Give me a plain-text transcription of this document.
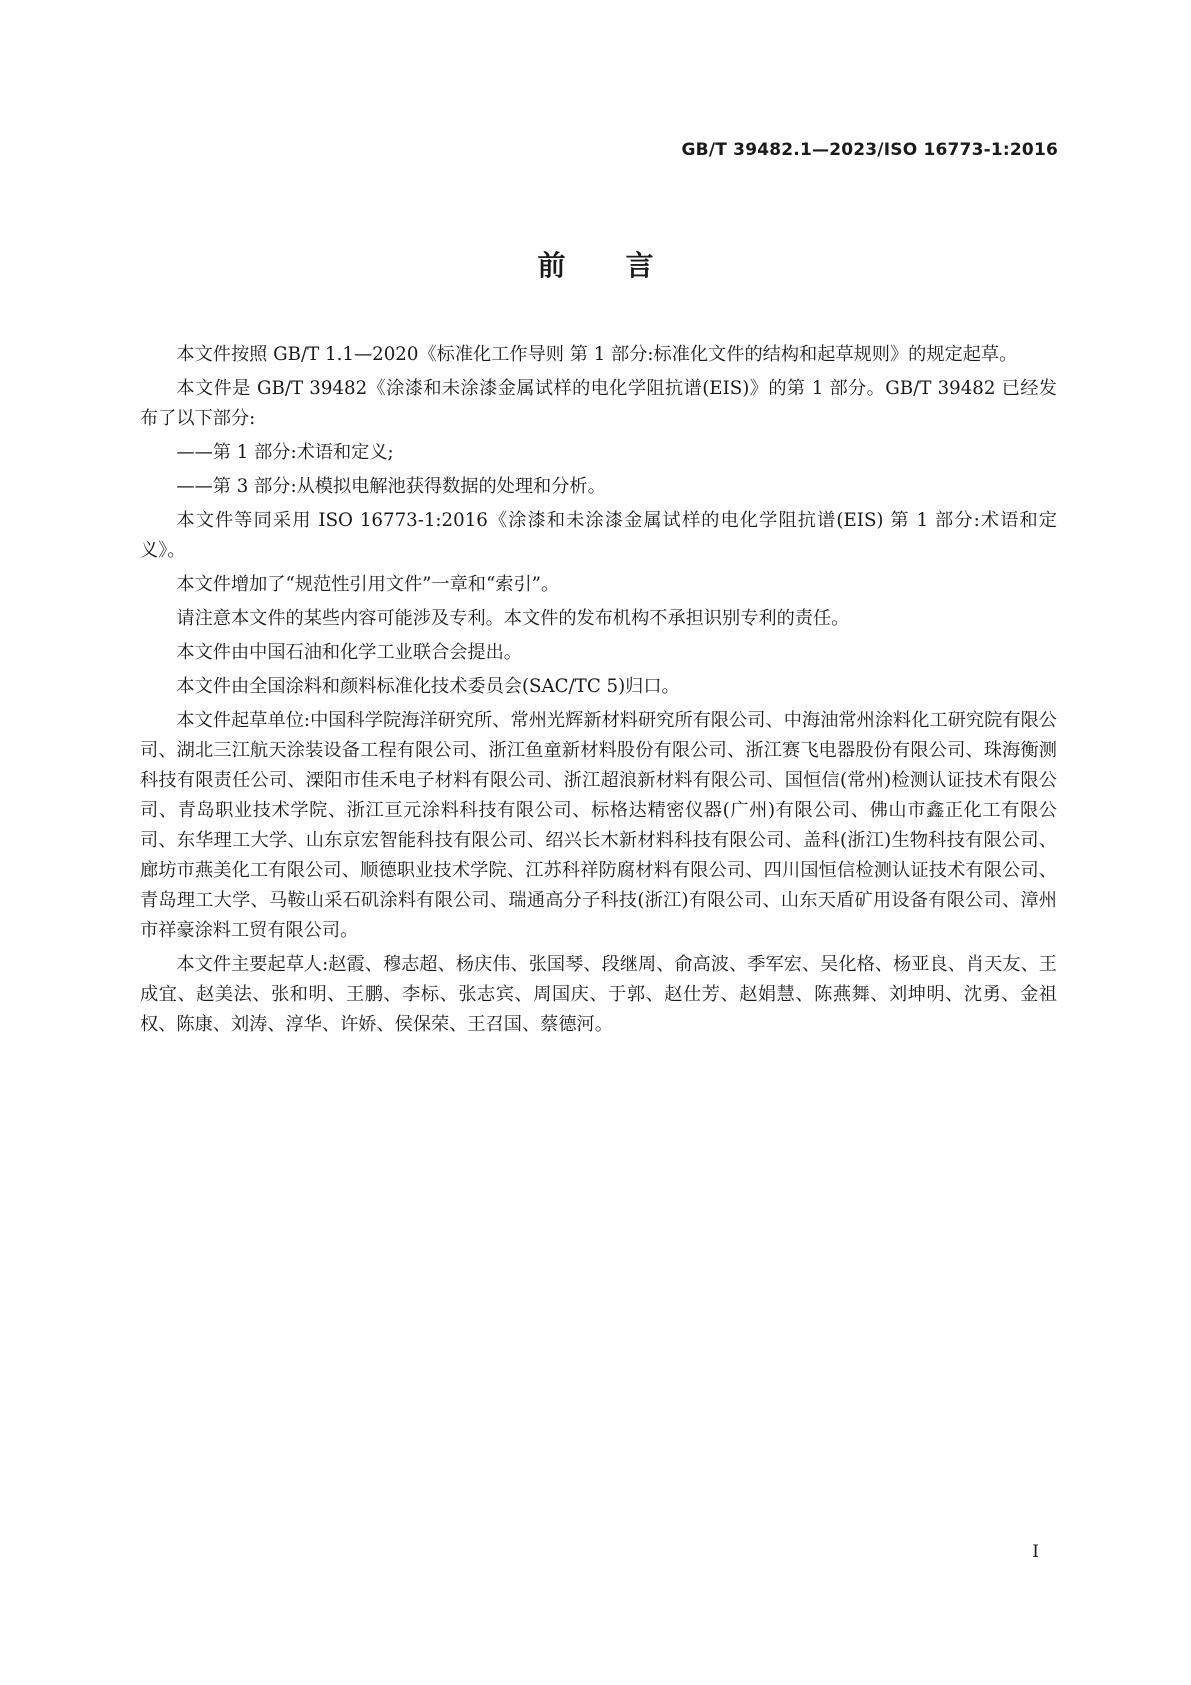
GB/T 39482.1—2023/ISO 16773-1:2016
前言

本文件按照 GB/T 1.1—2020《标准化工作导则 第 1 部分:标准化文件的结构和起草规则》的规定起草。

本文件是 GB/T 39482《涂漆和未涂漆金属试样的电化学阻抗谱(EIS)》的第 1 部分。GB/T 39482 已经发布了以下部分:

——第 1 部分:术语和定义;

——第 3 部分:从模拟电解池获得数据的处理和分析。

本文件等同采用 ISO 16773-1:2016《涂漆和未涂漆金属试样的电化学阻抗谱(EIS) 第 1 部分:术语和定义》。

本文件增加了“规范性引用文件”一章和“索引”。

请注意本文件的某些内容可能涉及专利。本文件的发布机构不承担识别专利的责任。

本文件由中国石油和化学工业联合会提出。

本文件由全国涂料和颜料标准化技术委员会(SAC/TC 5)归口。

本文件起草单位:中国科学院海洋研究所、常州光辉新材料研究所有限公司、中海油常州涂料化工研究院有限公司、湖北三江航天涂装设备工程有限公司、浙江鱼童新材料股份有限公司、浙江赛飞电器股份有限公司、珠海衡测科技有限责任公司、溧阳市佳禾电子材料有限公司、浙江超浪新材料有限公司、国恒信(常州)检测认证技术有限公司、青岛职业技术学院、浙江亘元涂料科技有限公司、标格达精密仪器(广州)有限公司、佛山市鑫正化工有限公司、东华理工大学、山东京宏智能科技有限公司、绍兴长木新材料科技有限公司、盖科(浙江)生物科技有限公司、廊坊市燕美化工有限公司、顺德职业技术学院、江苏科祥防腐材料有限公司、四川国恒信检测认证技术有限公司、青岛理工大学、马鞍山采石矶涂料有限公司、瑞通高分子科技(浙江)有限公司、山东天盾矿用设备有限公司、漳州市祥豪涂料工贸有限公司。

本文件主要起草人:赵霞、穆志超、杨庆伟、张国琴、段继周、俞高波、季军宏、吴化格、杨亚良、肖天友、王成宜、赵美法、张和明、王鹏、李标、张志宾、周国庆、于郭、赵仕芳、赵娟慧、陈燕舞、刘坤明、沈勇、金祖权、陈康、刘涛、淳华、许娇、侯保荣、王召国、蔡德河。

I
